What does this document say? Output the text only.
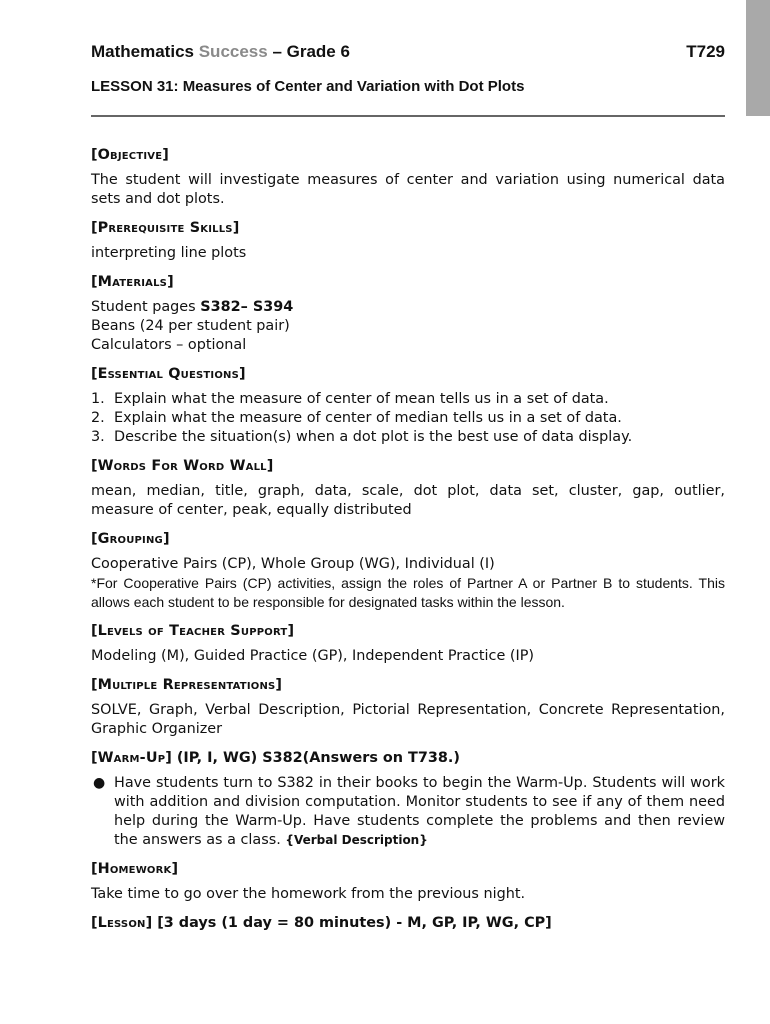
Mathematics Success – Grade 6	T729
LESSON 31: Measures of Center and Variation with Dot Plots
[Objective]

The student will investigate measures of center and variation using numerical data sets and dot plots.

[Prerequisite Skills]

interpreting line plots

[Materials]

Student pages S382– S394

Beans (24 per student pair)

Calculators – optional

[Essential Questions]
1. Explain what the measure of center of mean tells us in a set of data.
2. Explain what the measure of center of median tells us in a set of data.
3. Describe the situation(s) when a dot plot is the best use of data display.
[Words For Word Wall]

mean, median, title, graph, data, scale, dot plot, data set, cluster, gap, outlier, measure of center, peak, equally distributed

[Grouping]

Cooperative Pairs (CP), Whole Group (WG), Individual (I)

*For Cooperative Pairs (CP) activities, assign the roles of Partner A or Partner B to students. This allows each student to be responsible for designated tasks within the lesson.

[Levels of Teacher Support]

Modeling (M), Guided Practice (GP), Independent Practice (IP)

[Multiple Representations]

SOLVE, Graph, Verbal Description, Pictorial Representation, Concrete Representation, Graphic Organizer

[Warm-Up] (IP, I, WG) S382(Answers on T738.)
● Have students turn to S382 in their books to begin the Warm-Up. Students will work with addition and division computation. Monitor students to see if any of them need help during the Warm-Up. Have students complete the problems and then review the answers as a class. {Verbal Description}
[Homework]

Take time to go over the homework from the previous night.

[Lesson] [3 days (1 day = 80 minutes) - M, GP, IP, WG, CP]
